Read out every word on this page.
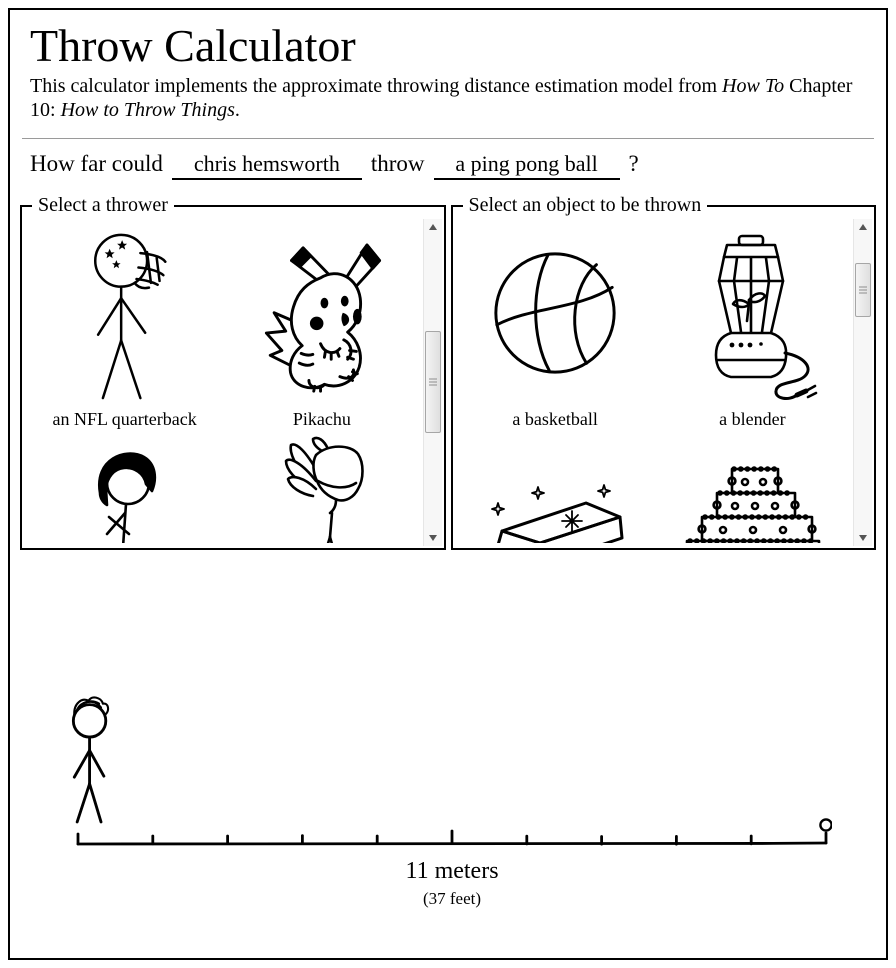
Throw Calculator

This calculator implements the approximate throwing distance estimation model from How To Chapter 10: How to Throw Things.

How far could
chris hemsworth	throw
a ping pong ball	?
Select a thrower
an NFL quarterback	Pikachu
Select an object to be thrown
a basketball	a blender
11 meters
(37 feet)
